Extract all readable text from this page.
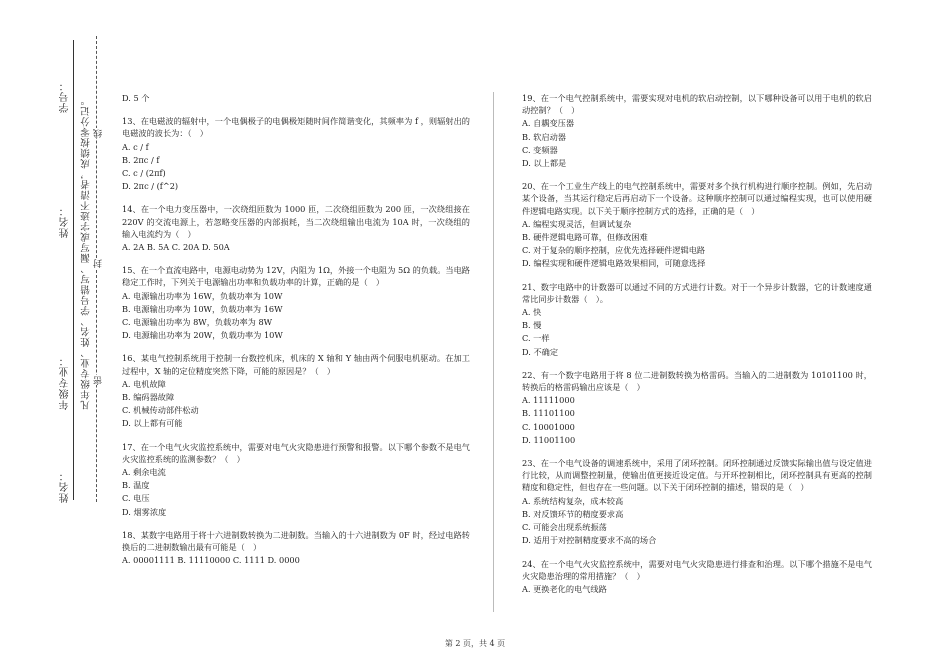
学号：
姓名：
年级专业：
姓名：
凡年级专业、姓名、学号错写、漏写或字迹不清者，成绩按零分记。 线
封
密
D. 5 个
13、在电磁波的辐射中，一个电偶极子的电偶极矩随时间作简谐变化，其频率为 f ，则辐射出的电磁波的波长为：（　）
A. c / f
B. 2πc / f
C. c / (2πf)
D. 2πc / (f^2)
14、在一个电力变压器中，一次绕组匝数为 1000 匝，二次绕组匝数为 200 匝，一次绕组接在 220V 的交流电源上，若忽略变压器的内部损耗，当二次绕组输出电流为 10A 时，一次绕组的输入电流约为（　）
A. 2A B. 5A C. 20A D. 50A
15、在一个直流电路中，电源电动势为 12V，内阻为 1Ω，外接一个电阻为 5Ω 的负载。当电路稳定工作时，下列关于电源输出功率和负载功率的计算，正确的是（　）
A. 电源输出功率为 16W，负载功率为 10W
B. 电源输出功率为 10W，负载功率为 16W
C. 电源输出功率为 8W，负载功率为 8W
D. 电源输出功率为 20W，负载功率为 10W
16、某电气控制系统用于控制一台数控机床，机床的 X 轴和 Y 轴由两个伺服电机驱动。在加工过程中，X 轴的定位精度突然下降，可能的原因是？（　）
A. 电机故障
B. 编码器故障
C. 机械传动部件松动
D. 以上都有可能
17、在一个电气火灾监控系统中，需要对电气火灾隐患进行预警和报警。以下哪个参数不是电气火灾监控系统的监测参数？（　）
A. 剩余电流
B. 温度
C. 电压
D. 烟雾浓度
18、某数字电路用于将十六进制数转换为二进制数。当输入的十六进制数为 0F 时，经过电路转换后的二进制数输出最有可能是（　）
A. 00001111 B. 11110000 C. 1111 D. 0000
19、在一个电气控制系统中，需要实现对电机的软启动控制，以下哪种设备可以用于电机的软启动控制？（　）
A. 自耦变压器
B. 软启动器
C. 变频器
D. 以上都是
20、在一个工业生产线上的电气控制系统中，需要对多个执行机构进行顺序控制。例如，先启动某个设备，当其运行稳定后再启动下一个设备。这种顺序控制可以通过编程实现，也可以使用硬件逻辑电路实现。以下关于顺序控制方式的选择，正确的是（　）
A. 编程实现灵活，但调试复杂
B. 硬件逻辑电路可靠，但修改困难
C. 对于复杂的顺序控制，应优先选择硬件逻辑电路
D. 编程实现和硬件逻辑电路效果相同，可随意选择
21、数字电路中的计数器可以通过不同的方式进行计数。对于一个异步计数器，它的计数速度通常比同步计数器（　）。
A. 快
B. 慢
C. 一样
D. 不确定
22、有一个数字电路用于将 8 位二进制数转换为格雷码。当输入的二进制数为 10101100 时，转换后的格雷码输出应该是（　）
A. 11111000
B. 11101100
C. 10001000
D. 11001100
23、在一个电气设备的调速系统中，采用了闭环控制。闭环控制通过反馈实际输出值与设定值进行比较，从而调整控制量，使输出值更接近设定值。与开环控制相比，闭环控制具有更高的控制精度和稳定性，但也存在一些问题。以下关于闭环控制的描述，错误的是（　）
A. 系统结构复杂，成本较高
B. 对反馈环节的精度要求高
C. 可能会出现系统振荡
D. 适用于对控制精度要求不高的场合
24、在一个电气火灾监控系统中，需要对电气火灾隐患进行排查和治理。以下哪个措施不是电气火灾隐患治理的常用措施？（　）
A. 更换老化的电气线路
第 2 页，共 4 页
